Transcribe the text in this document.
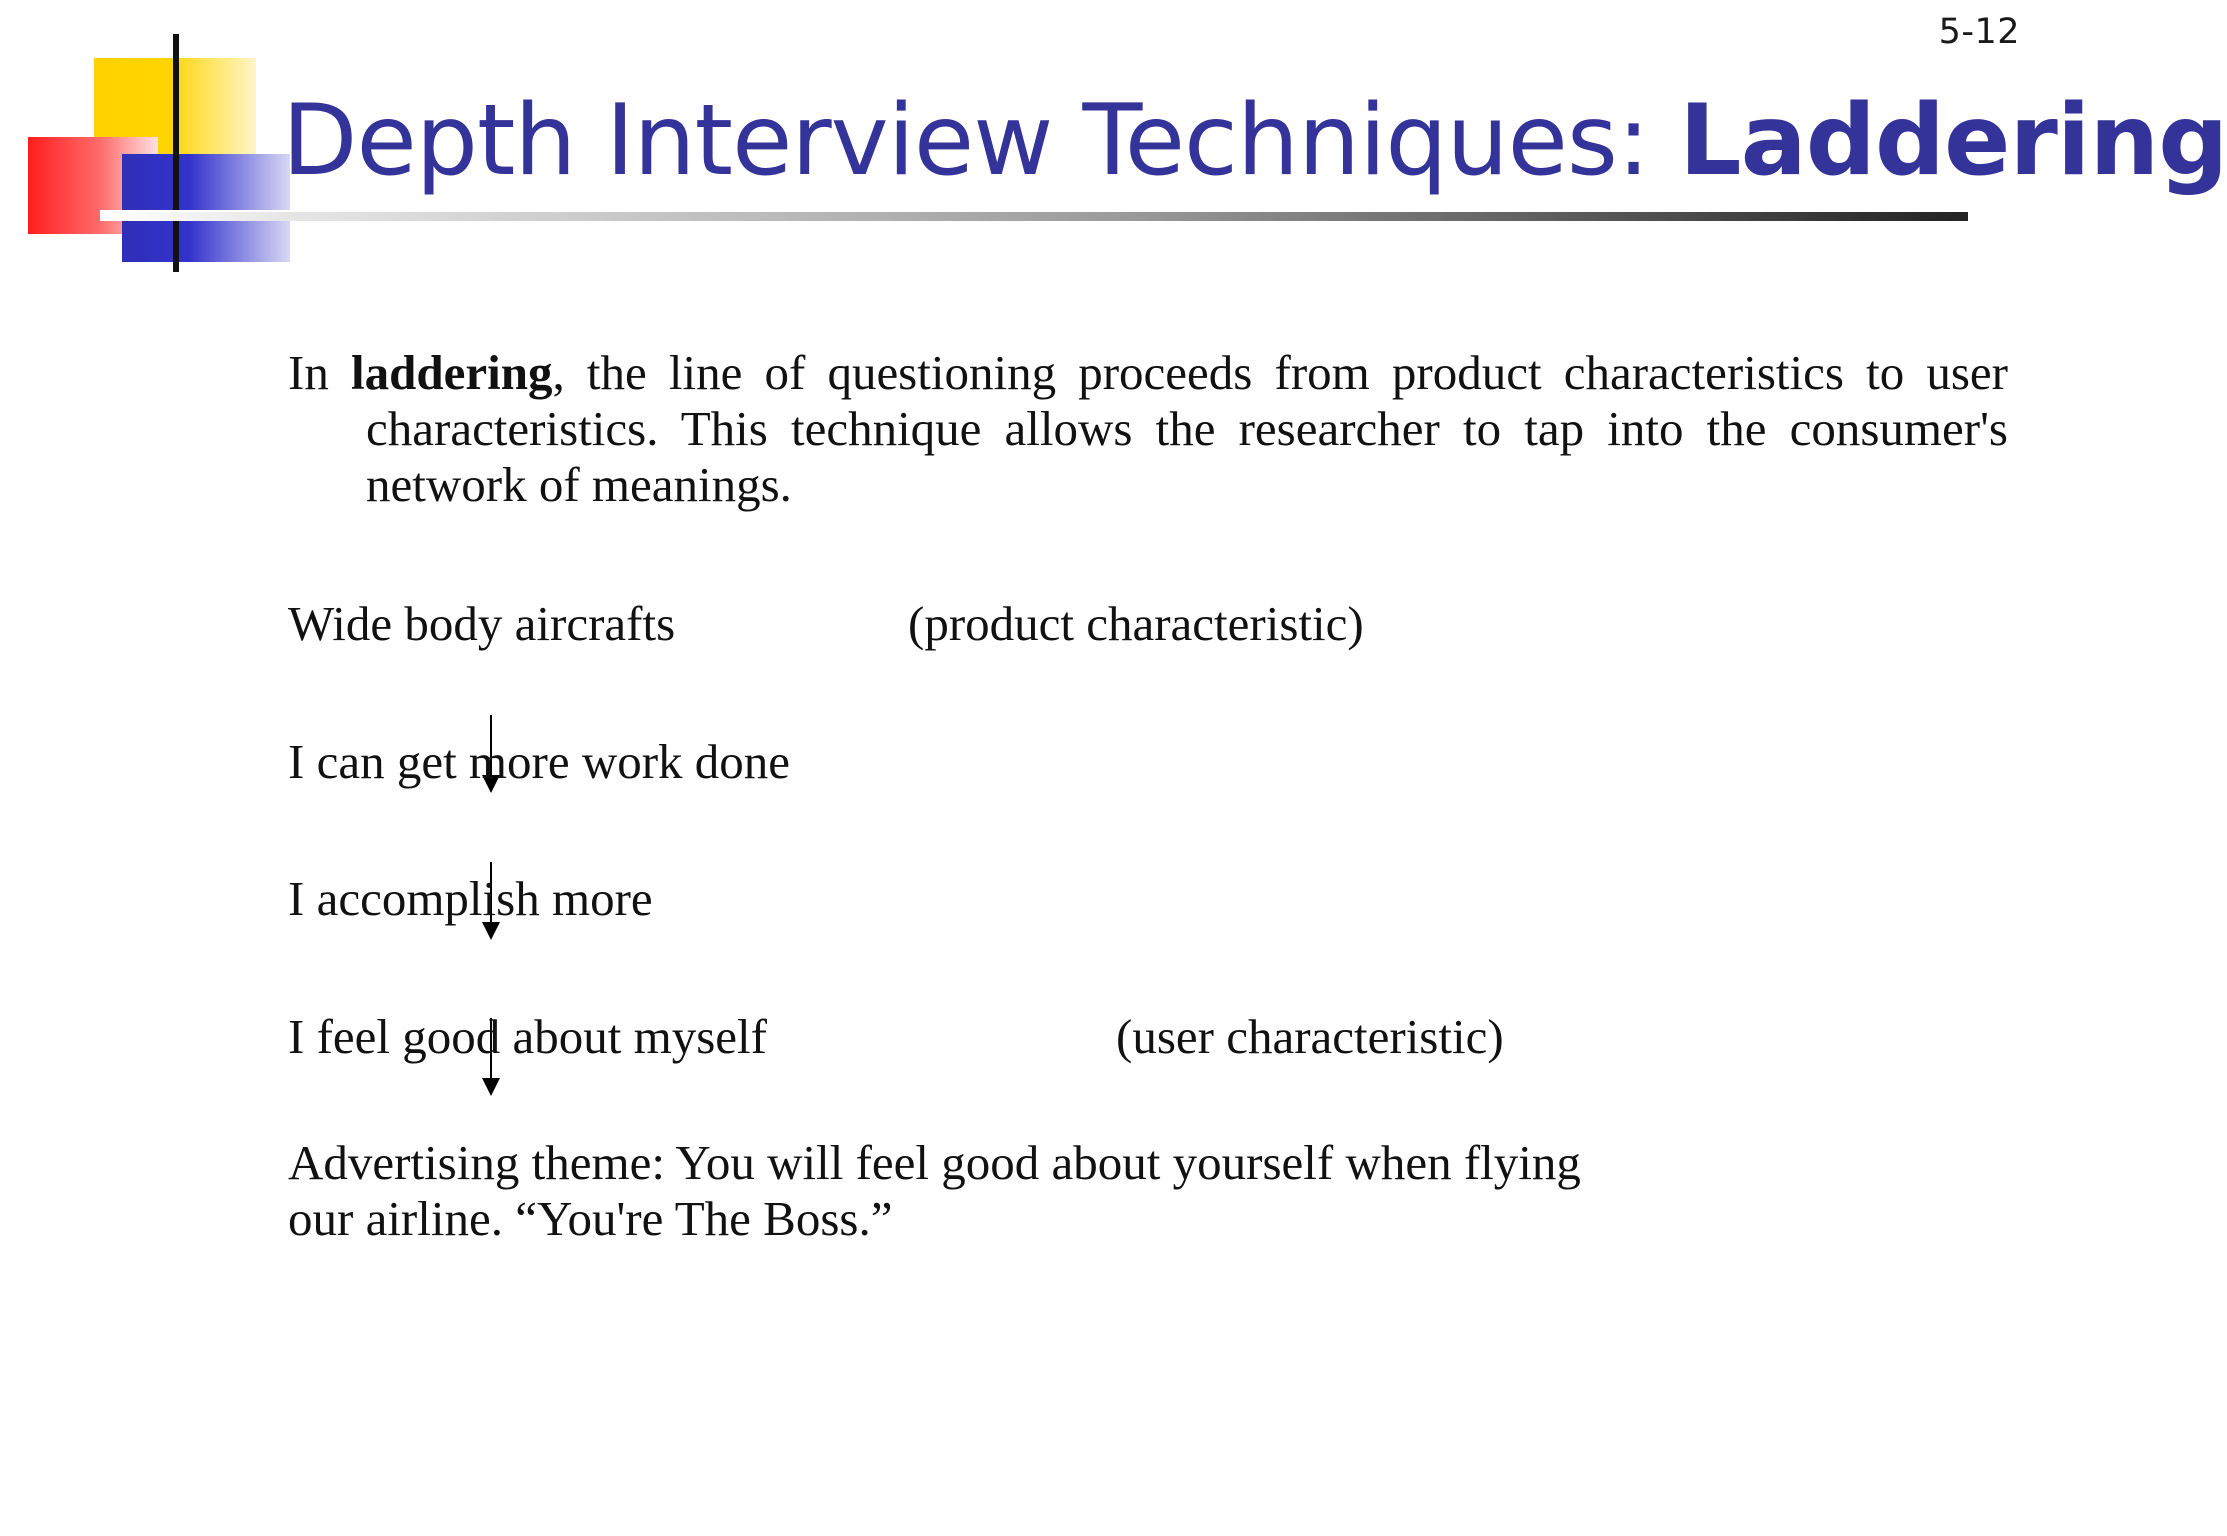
5-12
Depth Interview Techniques: Laddering

In laddering, the line of questioning proceeds from product characteristics to user characteristics. This technique allows the researcher to tap into the consumer's network of meanings.

Wide body aircrafts	(product characteristic)
I can get more work done
I accomplish more
I feel good about myself	(user characteristic)

Advertising theme: You will feel good about yourself when flying
our airline. “You're The Boss.”
